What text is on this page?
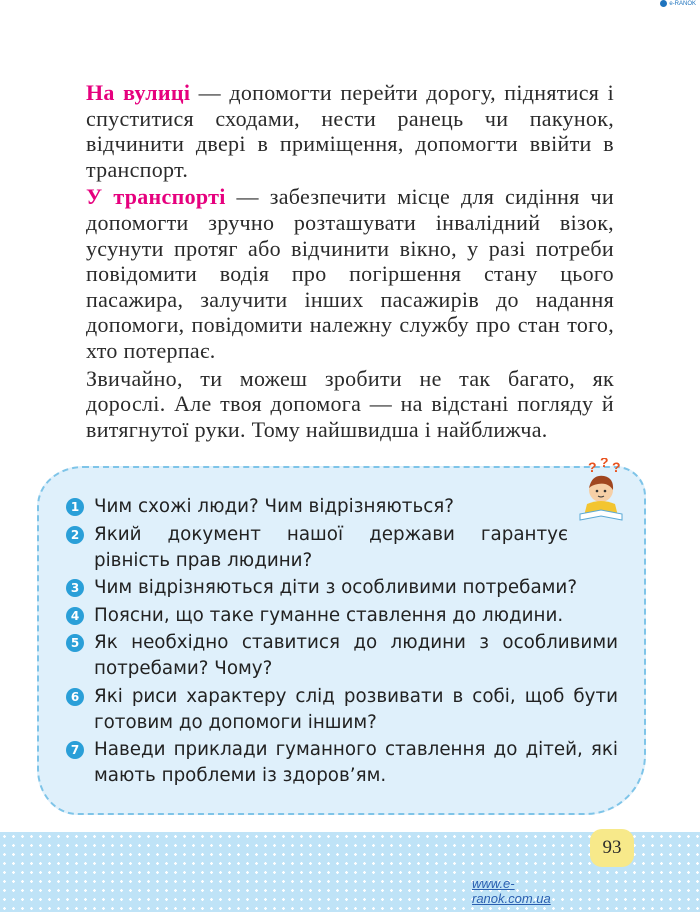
e-RANOK

На вулиці — допомогти перейти дорогу, піднятися і спуститися сходами, нести ранець чи пакунок, відчинити двері в приміщення, допомогти ввійти в транспорт.

У транспорті — забезпечити місце для сидіння чи допомогти зручно розташувати інвалідний візок, усунути протяг або відчинити вікно, у разі потреби повідомити водія про погіршення стану цього пасажира, залучити інших пасажирів до надання допомоги, повідомити належну службу про стан того, хто потерпає.

Звичайно, ти можеш зробити не так багато, як дорослі. Але твоя допомога — на відстані погляду й витягнутої руки. Тому найшвидша і найближча.

? ? ?
1 Чим схожі люди? Чим відрізняються?
2 Який документ нашої держави гарантує рівність прав людини?
3 Чим відрізняються діти з особливими потребами?
4 Поясни, що таке гуманне ставлення до людини.
5 Як необхідно ставитися до людини з особливими потребами? Чому?
6 Які риси характеру слід розвивати в собі, щоб бути готовим до допомоги іншим?
7 Наведи приклади гуманного ставлення до дітей, які мають проблеми із здоров’ям.
93
www.e-ranok.com.ua
